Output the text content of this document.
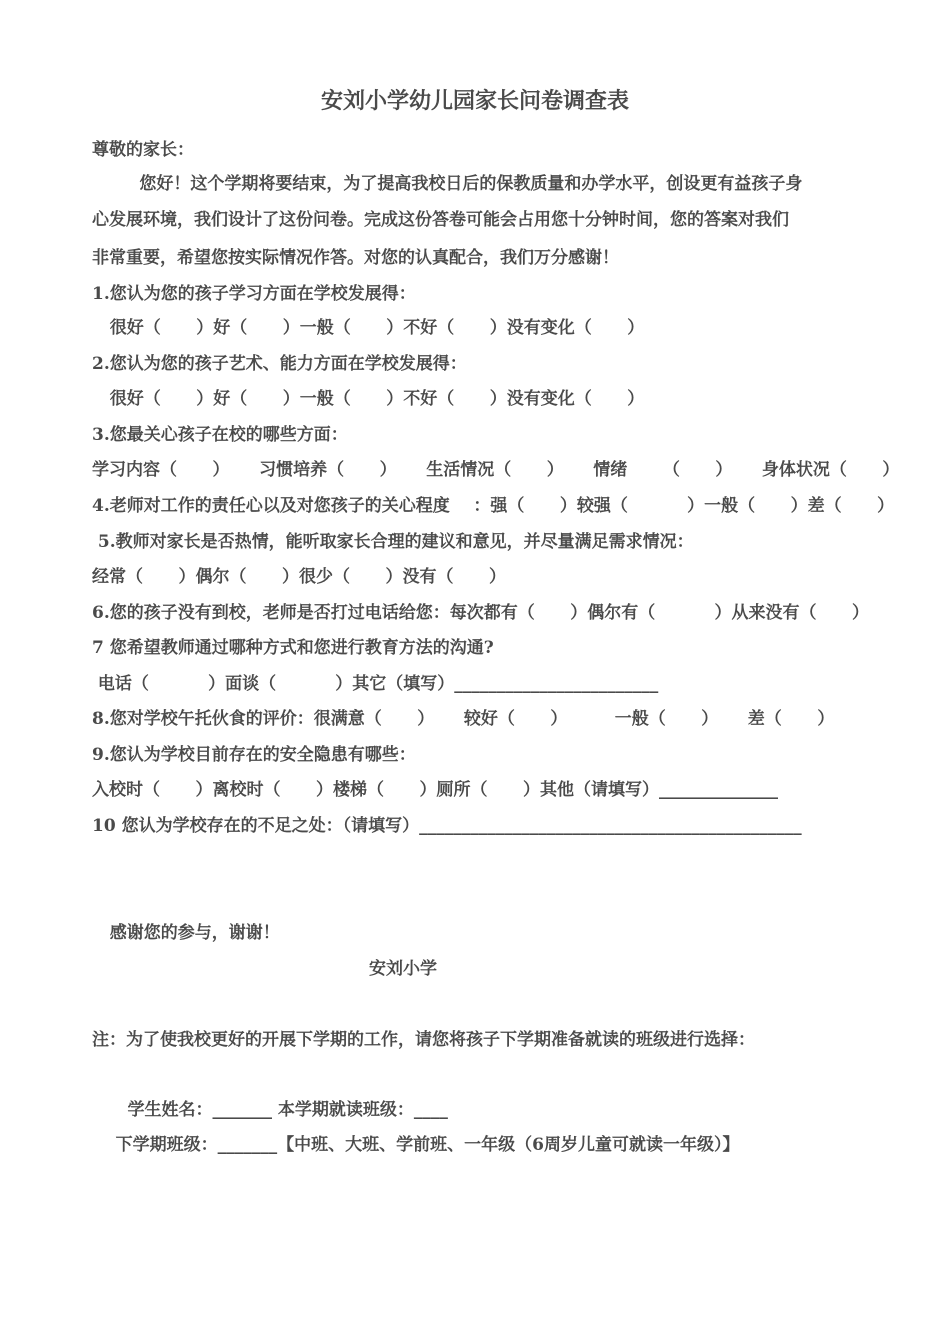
安刘小学幼儿园家长问卷调查表
尊敬的家长：
您好！这个学期将要结束，为了提高我校日后的保教质量和办学水平，创设更有益孩子身
心发展环境，我们设计了这份问卷。完成这份答卷可能会占用您十分钟时间，您的答案对我们
非常重要，希望您按实际情况作答。对您的认真配合，我们万分感谢！
1.您认为您的孩子学习方面在学校发展得：
很好（      ）好（      ）一般（      ）不好（      ）没有变化（      ）
2.您认为您的孩子艺术、能力方面在学校发展得：
很好（      ）好（      ）一般（      ）不好（      ）没有变化（      ）
3.您最关心孩子在校的哪些方面：
学习内容（      ）     习惯培养（      ）     生活情况（      ）     情绪      （      ）     身体状况（      ）
4.老师对工作的责任心以及对您孩子的关心程度    ：强（      ）较强（          ）一般（      ）差（      ）
5.教师对家长是否热情，能听取家长合理的建议和意见，并尽量满足需求情况：
经常（      ）偶尔（      ）很少（      ）没有（      ）
6.您的孩子没有到校，老师是否打过电话给您：每次都有（      ）偶尔有（          ）从来没有（      ）
7 您希望教师通过哪种方式和您进行教育方法的沟通?
电话（          ）面谈（          ）其它（填写）________________________
8.您对学校午托伙食的评价：很满意（      ）     较好（      ）        一般（      ）     差（      ）
9.您认为学校目前存在的安全隐患有哪些：
入校时（      ）离校时（      ）楼梯（      ）厕所（      ）其他（请填写）______________
10 您认为学校存在的不足之处：（请填写）_____________________________________________
感谢您的参与，谢谢！
安刘小学
注：为了使我校更好的开展下学期的工作，请您将孩子下学期准备就读的班级进行选择：
学生姓名：_______ 本学期就读班级：____
下学期班级：_______【中班、大班、学前班、一年级（6周岁儿童可就读一年级）】
